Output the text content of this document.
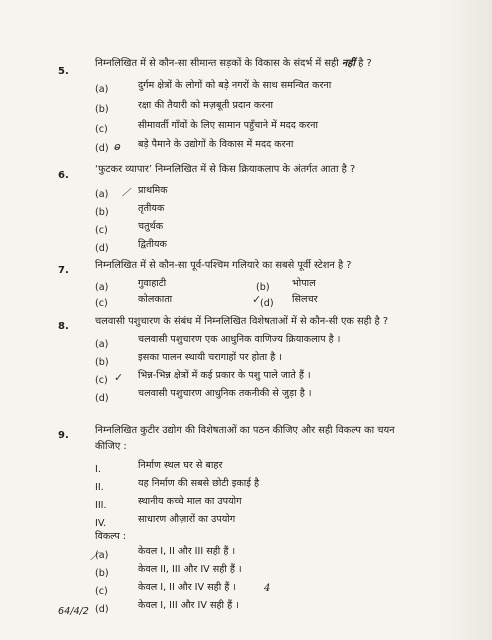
5.
निम्नलिखित में से कौन-सा सीमान्त सड़कों के विकास के संदर्भ में सही नहीं है ?
(a)	दुर्गम क्षेत्रों के लोगों को बड़े नगरों के साथ समन्वित करना
(b)	रक्षा की तैयारी को मज़बूती प्रदान करना
(c)	सीमावर्ती गाँवों के लिए सामान पहुँचाने में मदद करना
(d)	बड़े पैमाने के उद्योगों के विकास में मदद करना
ⱺ
6.
‘फुटकर व्यापार’ निम्नलिखित में से किस क्रियाकलाप के अंतर्गत आता है ?
(a)	प्राथमिक
⟋
(b)	तृतीयक
(c)	चतुर्थक
(d)	द्वितीयक
7.	निम्नलिखित में से कौन-सा पूर्व-पश्चिम गलियारे का सबसे पूर्वी स्टेशन है ?
(a)	गुवाहाटी	(b) भोपाल
(c)	कोलकाता	(d) सिलचर
✓
8.	चलवासी पशुचारण के संबंध में निम्नलिखित विशेषताओं में से कौन-सी एक सही है ?
(a)	चलवासी पशुचारण एक आधुनिक वाणिज्य क्रियाकलाप है ।
(b)	इसका पालन स्थायी चरागाहों पर होता है ।
(c)	भिन्न-भिन्न क्षेत्रों में कई प्रकार के पशु पाले जाते हैं ।
✓
(d)	चलवासी पशुचारण आधुनिक तकनीकी से जुड़ा है ।
9.	निम्नलिखित कुटीर उद्योग की विशेषताओं का पठन कीजिए और सही विकल्प का चयन
कीजिए :
I.	निर्माण स्थल घर से बाहर
II.	यह निर्माण की सबसे छोटी इकाई है
III.	स्थानीय कच्चे माल का उपयोग
IV.	साधारण औज़ारों का उपयोग
विकल्प :
(a)
⟋	केवल I, II और III सही हैं ।
(b)	केवल II, III और IV सही हैं ।
(c)	केवल I, II और IV सही हैं ।
(d)	केवल I, III और IV सही हैं ।
4
64/4/2
